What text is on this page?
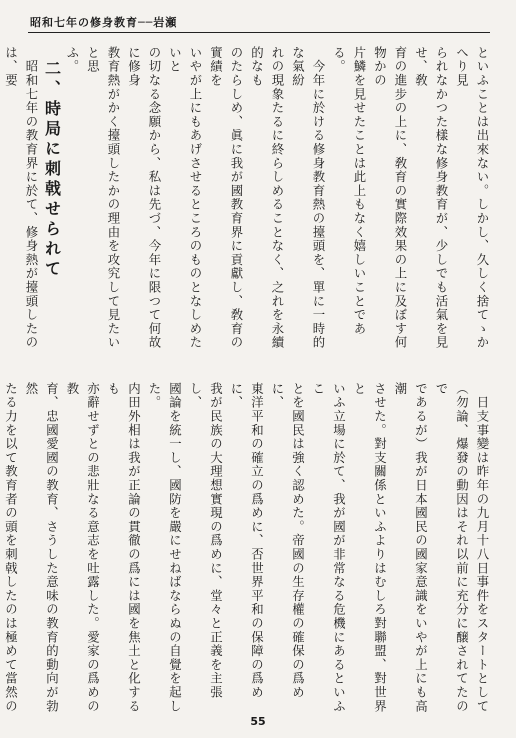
昭和七年の修身教育──岩瀬

といふことは出來ない。しかし、久しく捨てゝかへり見

られなかつた樣な修身教育が、少しでも活氣を見せ、敎

育の進步の上に、敎育の實際效果の上に及ぼす何物かの

片鱗を見せたことは此上もなく嬉しいことである。

　今年に於ける修身教育熱の擡頭を、單に一時的な氣紛

れの現象たるに終らしめることなく、之れを永續的なも

のたらしめ、眞に我が國教育界に貢獻し、敎育の實績を

いやが上にもあげさせるところのものとなしめたいと

の切なる念願から、私は先づ、今年に限つて何故に修身

教育熱がかく擡頭したかの理由を攻究して見たいと思

ふ。

二、時局に刺戟せられて

　昭和七年の教育界に於て、修身熱が擡頭したのは、要

　日支事變は昨年の九月十八日事件をスタートとして

（勿論、爆發の動因はそれ以前に充分に醸されてたので

であるが）我が日本國民の國家意識をいやが上にも高潮

させた。對支關係といふよりはむしろ對聯盟、對世界と

いふ立場に於て、我が國が非常なる危機にあるといふこ

とを國民は強く認めた。帝國の生存權の確保の爲めに、

東洋平和の確立の爲めに、否世界平和の保障の爲めに、

我が民族の大理想實現の爲めに、堂々と正義を主張し、

國論を統一し、國防を嚴にせねばならぬの自覺を起した。

内田外相は我が正論の貫徹の爲には國を焦土と化するも

亦辭せずとの悲壯なる意志を吐露した。愛家の爲めの教

育、忠國愛國の教育、さうした意味の教育的動向が勃然

たる力を以て教育者の頭を刺戟したのは極めて當然の

55
